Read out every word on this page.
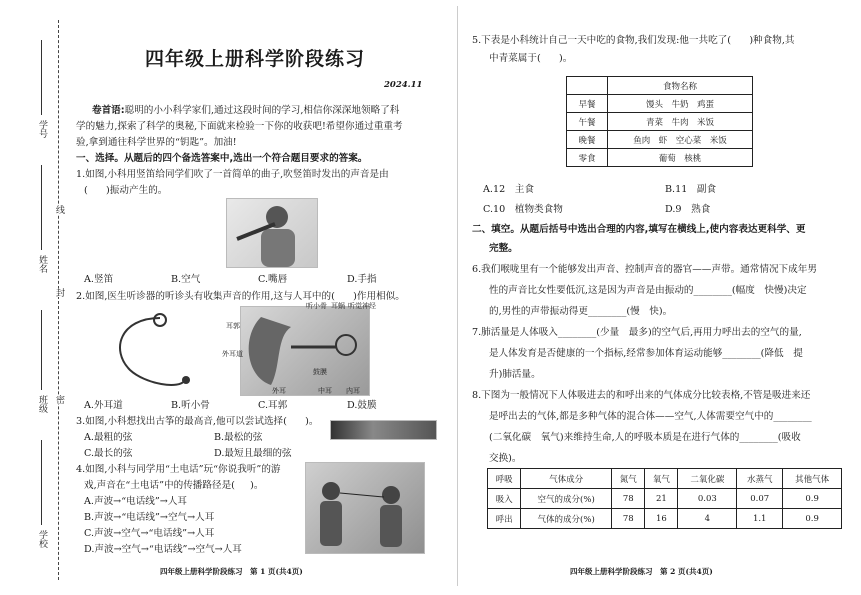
学号
姓名
班级
学校
线
封
密
四年级上册科学阶段练习
2024.11
卷首语:聪明的小小科学家们,通过这段时间的学习,相信你深深地领略了科
学的魅力,探索了科学的奥秘,下面就来检验一下你的收获吧!希望你通过重重考
验,拿到通往科学世界的“钥匙”。加油!
一、选择。从题后的四个备选答案中,选出一个符合题目要求的答案。
1.如图,小科用竖笛给同学们吹了一首简单的曲子,吹竖笛时发出的声音是由
(      )振动产生的。
A.竖笛	B.空气	C.嘴唇	D.手指
2.如图,医生听诊器的听诊头有收集声音的作用,这与人耳中的(      )作用相似。
听小骨 耳蜗 听觉神经
耳郭
外耳道
鼓膜
外耳	中耳 内耳
A.外耳道	B.听小骨	C.耳郭	D.鼓膜
3.如图,小科想找出古筝的最高音,他可以尝试选择(      )。
A.最粗的弦	B.最松的弦
C.最长的弦	D.最短且最细的弦
4.如图,小科与同学用“土电话”玩“你说我听”的游
戏,声音在“土电话”中的传播路径是(     )。
A.声波→“电话线”→人耳
B.声波→“电话线”→空气→人耳
C.声波→空气→“电话线”→人耳
D.声波→空气→“电话线”→空气→人耳
四年级上册科学阶段练习　第 1 页(共4页)
5.下表是小科统计自己一天中吃的食物,我们发现:他一共吃了(      )种食物,其
中青菜属于(      )。
	食物名称
早餐	馒头　牛奶　鸡蛋
午餐	青菜　牛肉　米饭
晚餐	鱼肉　虾　空心菜　米饭
零食	葡萄　核桃
A.12　主食	B.11　副食
C.10　植物类食物	D.9　熟食
二、填空。从题后括号中选出合理的内容,填写在横线上,使内容表达更科学、更
完整。
6.我们喉咙里有一个能够发出声音、控制声音的器官——声带。通常情况下成年男
性的声音比女性要低沉,这是因为声音是由振动的________(幅度　快慢)决定
的,男性的声带振动得更________(慢　快)。
7.肺活量是人体吸入________(少量　最多)的空气后,再用力呼出去的空气的量,
是人体发育是否健康的一个指标,经常参加体育运动能够________(降低　提
升)肺活量。
8.下图为一般情况下人体吸进去的和呼出来的气体成分比较表格,不管是吸进来还
是呼出去的气体,都是多种气体的混合体——空气,人体需要空气中的________
(二氧化碳　氧气)来维持生命,人的呼吸本质是在进行气体的________(吸收
交换)。
呼吸	气体成分	氮气	氧气	二氧化碳	水蒸气	其他气体
吸入	空气的成分(%)	78	21	0.03	0.07	0.9
呼出	气体的成分(%)	78	16	4	1.1	0.9
四年级上册科学阶段练习　第 2 页(共4页)
